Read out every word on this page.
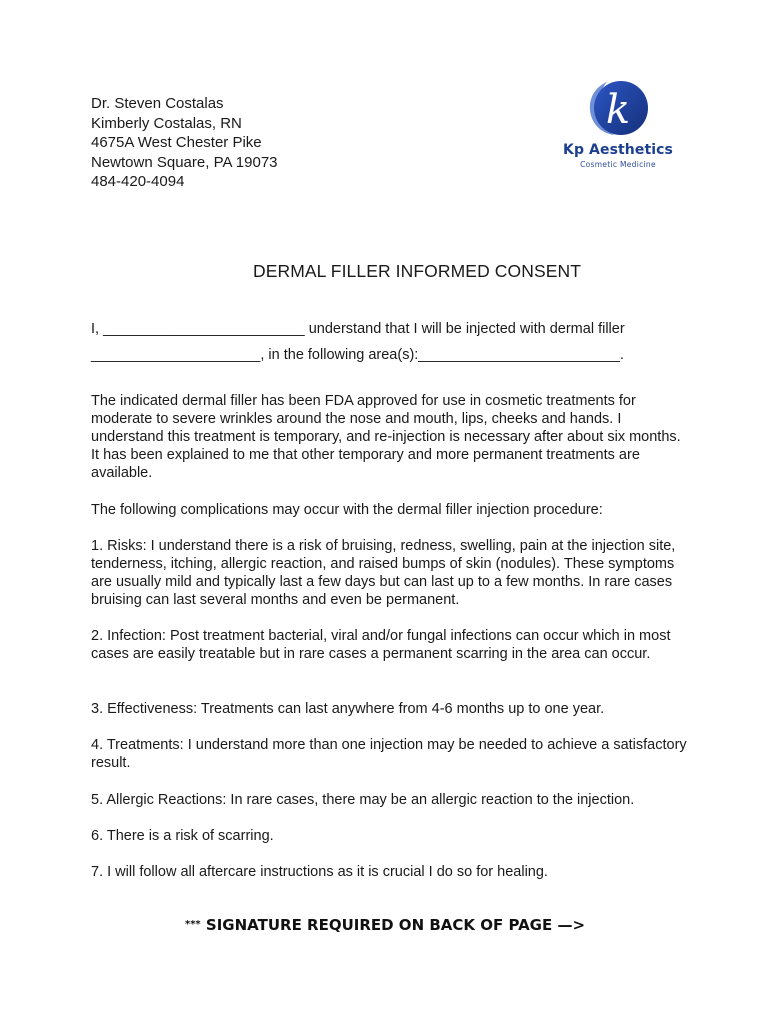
Dr. Steven Costalas
Kimberly Costalas, RN
4675A West Chester Pike
Newtown Square, PA 19073
484-420-4094
k
Kp Aesthetics
Cosmetic Medicine
DERMAL FILLER INFORMED CONSENT
I, _________________________ understand that I will be injected with dermal filler
_____________________, in the following area(s):_________________________.
The indicated dermal filler has been FDA approved for use in cosmetic treatments for moderate to severe wrinkles around the nose and mouth, lips, cheeks and hands. I understand this treatment is temporary, and re-injection is necessary after about six months. It has been explained to me that other temporary and more permanent treatments are available.
The following complications may occur with the dermal filler injection procedure:
1. Risks: I understand there is a risk of bruising, redness, swelling, pain at the injection site, tenderness, itching, allergic reaction, and raised bumps of skin (nodules). These symptoms are usually mild and typically last a few days but can last up to a few months. In rare cases bruising can last several months and even be permanent.
2. Infection: Post treatment bacterial, viral and/or fungal infections can occur which in most cases are easily treatable but in rare cases a permanent scarring in the area can occur.
3. Effectiveness: Treatments can last anywhere from 4-6 months up to one year.
4. Treatments: I understand more than one injection may be needed to achieve a satisfactory result.
5. Allergic Reactions: In rare cases, there may be an allergic reaction to the injection.
6. There is a risk of scarring.
7. I will follow all aftercare instructions as it is crucial I do so for healing.
*** SIGNATURE REQUIRED ON BACK OF PAGE —>
